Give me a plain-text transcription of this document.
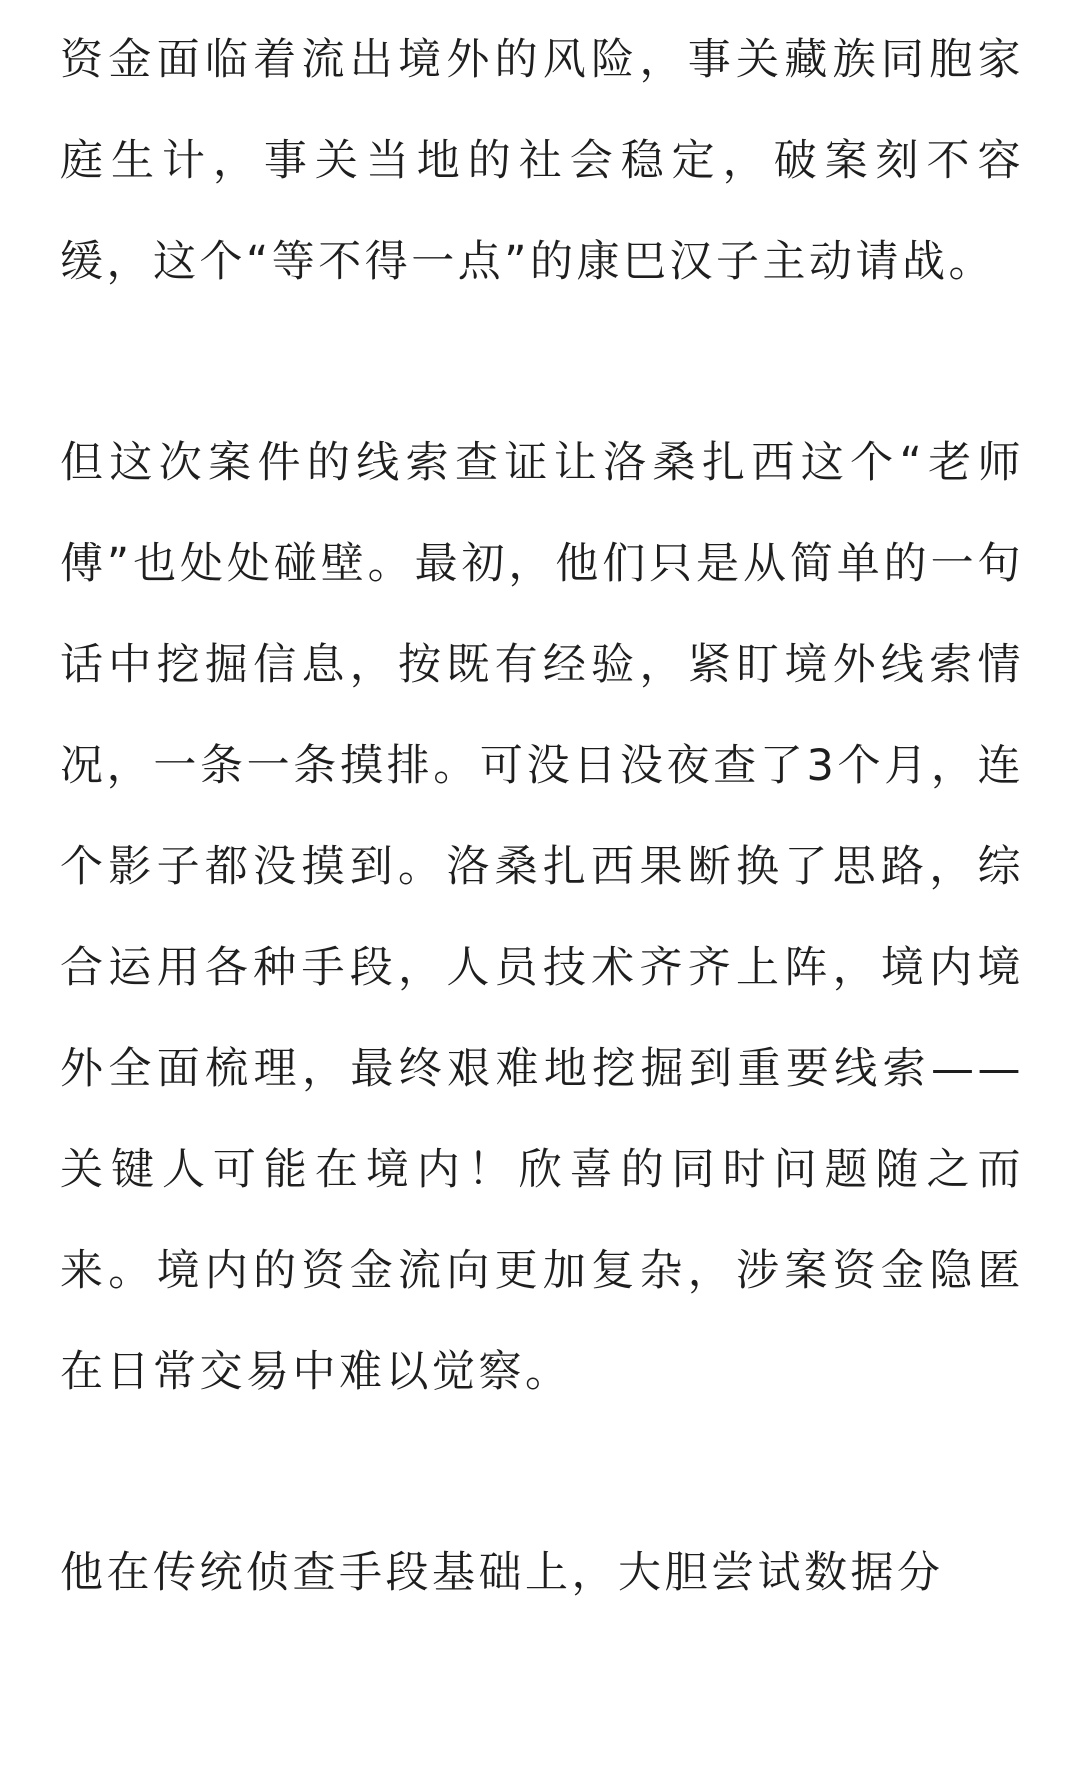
资金面临着流出境外的风险，事关藏族同胞家庭生计，事关当地的社会稳定，破案刻不容缓，这个“等不得一点”的康巴汉子主动请战。

但这次案件的线索查证让洛桑扎西这个“老师傅”也处处碰壁。最初，他们只是从简单的一句话中挖掘信息，按既有经验，紧盯境外线索情况，一条一条摸排。可没日没夜查了3个月，连个影子都没摸到。洛桑扎西果断换了思路，综合运用各种手段，人员技术齐齐上阵，境内境外全面梳理，最终艰难地挖掘到重要线索——关键人可能在境内！欣喜的同时问题随之而来。境内的资金流向更加复杂，涉案资金隐匿在日常交易中难以觉察。

他在传统侦查手段基础上，大胆尝试数据分
